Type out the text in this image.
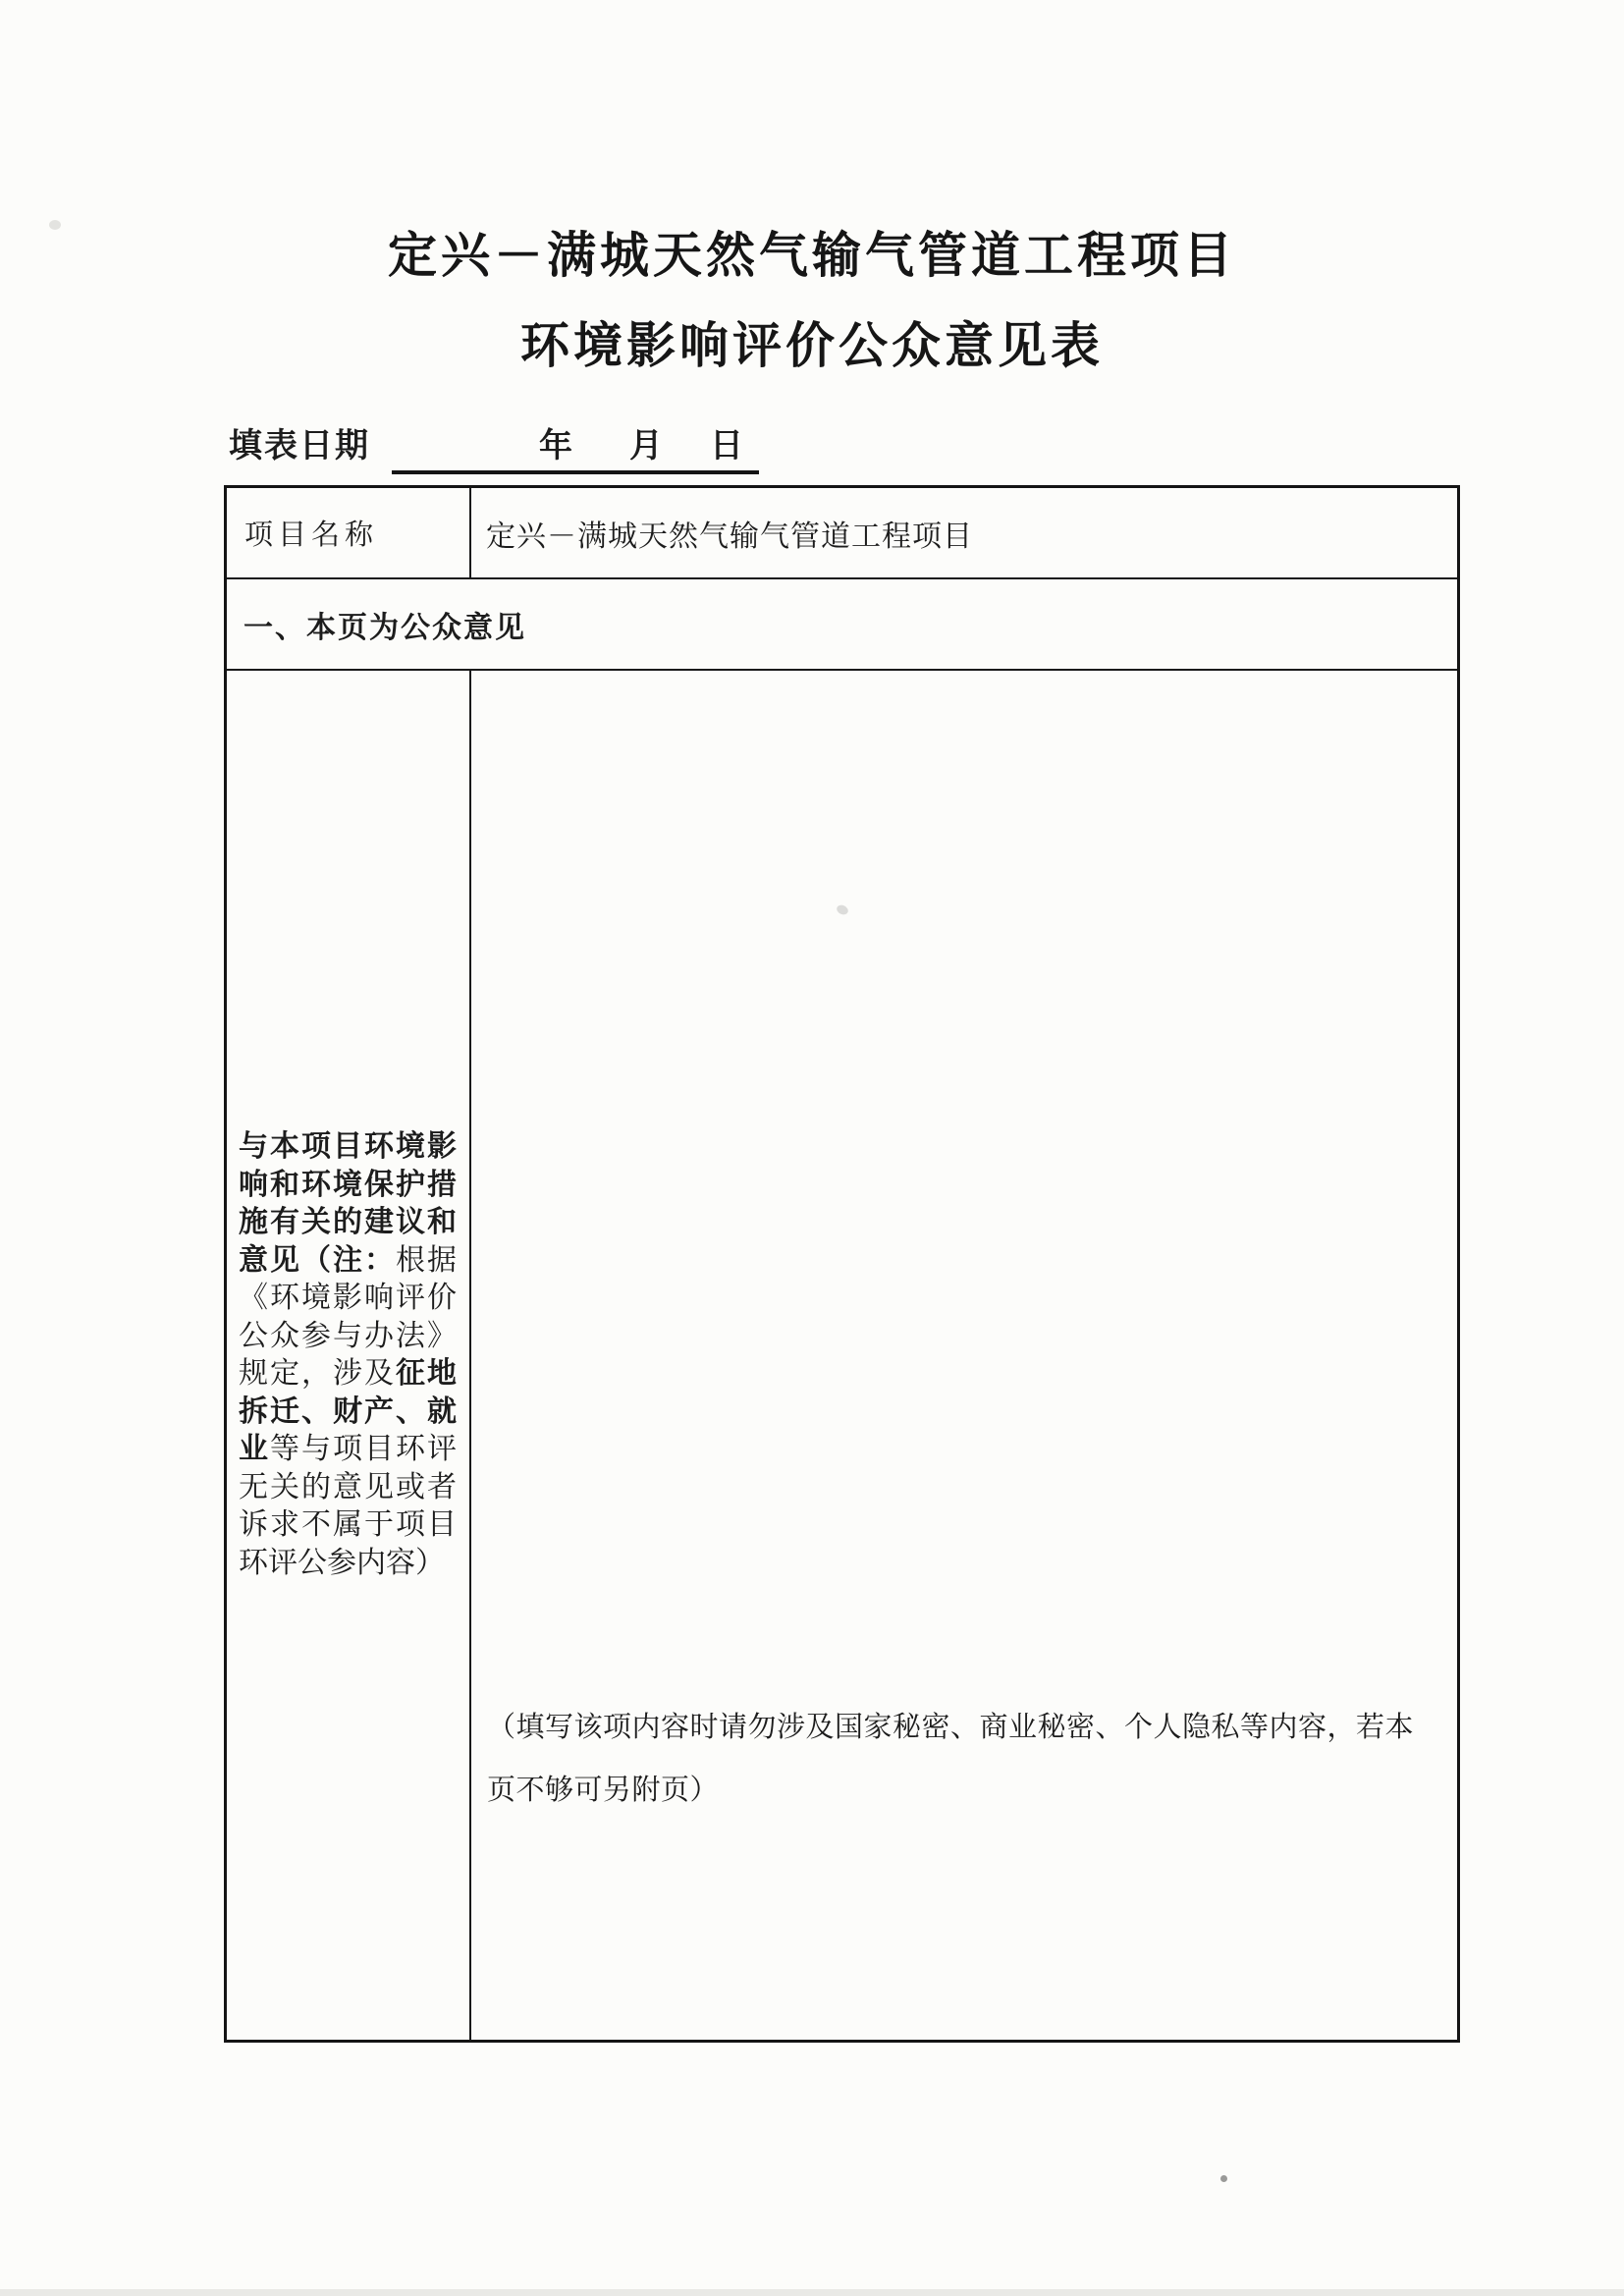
定兴－满城天然气输气管道工程项目
环境影响评价公众意见表
填表日期	年 月 日
项目名称	定兴－满城天然气输气管道工程项目
一、本页为公众意见
与本项目环境影响和环境保护措施有关的建议和意见（注：根据《环境影响评价公众参与办法》规定，涉及征地拆迁、财产、就业等与项目环评无关的意见或者诉求不属于项目环评公参内容）
（填写该项内容时请勿涉及国家秘密、商业秘密、个人隐私等内容，若本页不够可另附页）
